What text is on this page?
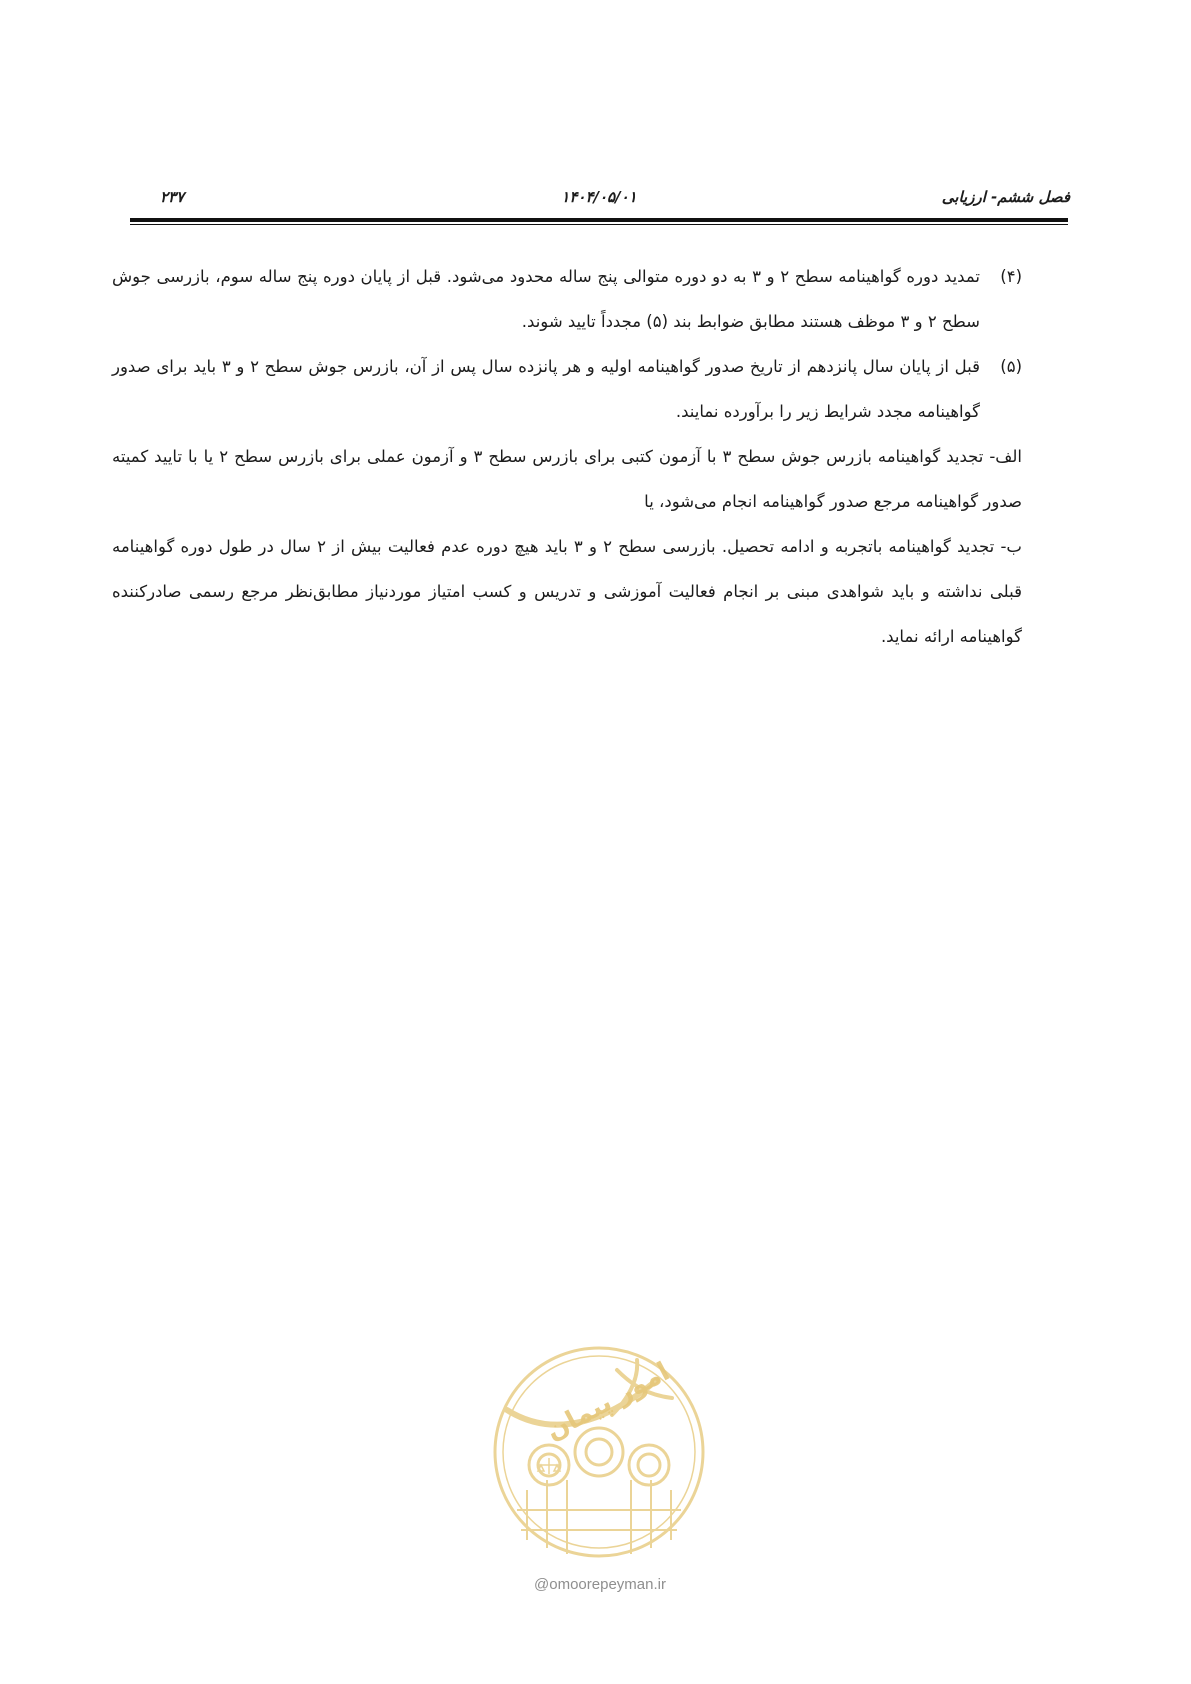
فصل ششم- ارزیابی
۱۴۰۴/۰۵/۰۱
۲۳۷

(۴)
تمدید دوره گواهینامه سطح ۲ و ۳ به دو دوره متوالی پنج ساله محدود می‌شود. قبل از پایان دوره پنج ساله سوم، بازرسی جوش سطح ۲ و ۳ موظف هستند مطابق ضوابط بند (۵) مجدداً تایید شوند.

(۵)
قبل از پایان سال پانزدهم از تاریخ صدور گواهینامه اولیه و هر پانزده سال پس از آن، بازرس جوش سطح ۲ و ۳ باید برای صدور گواهینامه مجدد شرایط زیر را برآورده نمایند.

الف- تجدید گواهینامه بازرس جوش سطح ۳ با آزمون کتبی برای بازرس سطح ۳ و آزمون عملی برای بازرس سطح ۲ یا با تایید کمیته صدور گواهینامه مرجع صدور گواهینامه انجام می‌شود، یا

ب- تجدید گواهینامه باتجربه و ادامه تحصیل. بازرسی سطح ۲ و ۳ باید هیچ دوره عدم فعالیت بیش از ۲ سال در طول دوره گواهینامه قبلی نداشته و باید شواهدی مبنی بر انجام فعالیت آموزشی و تدریس و کسب امتیاز موردنیاز مطابق‌نظر مرجع رسمی صادرکننده گواهینامه ارائه نماید.

امور پیمان
@omoorepeyman.ir
